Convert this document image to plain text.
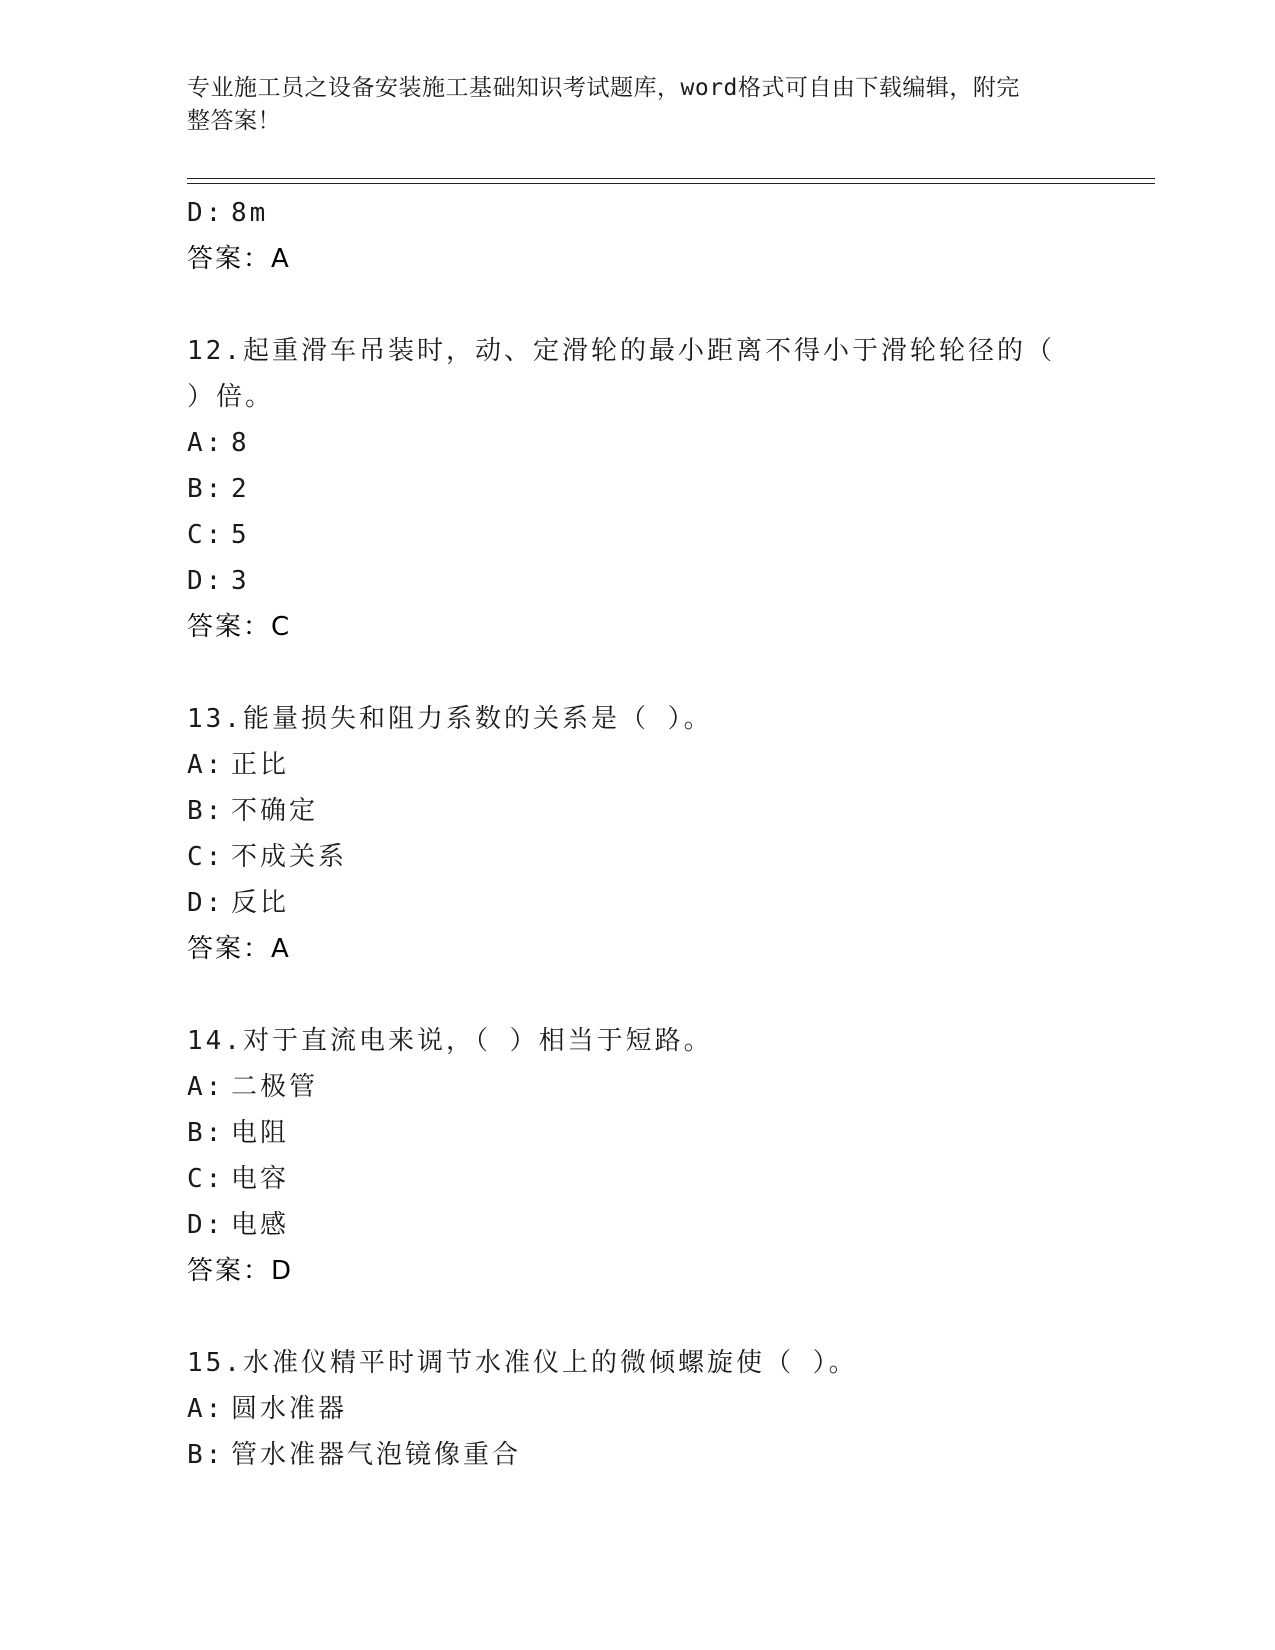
专业施工员之设备安装施工基础知识考试题库，word格式可自由下载编辑，附完
整答案！
D: 8m
答案：A
12.起重滑车吊装时，动、定滑轮的最小距离不得小于滑轮轮径的（
）倍。
A: 8
B: 2
C: 5
D: 3
答案：C
13.能量损失和阻力系数的关系是（ ）。
A: 正比
B: 不确定
C: 不成关系
D: 反比
答案：A
14.对于直流电来说，（ ）相当于短路。
A: 二极管
B: 电阻
C: 电容
D: 电感
答案：D
15.水准仪精平时调节水准仪上的微倾螺旋使（ ）。
A: 圆水准器
B: 管水准器气泡镜像重合
